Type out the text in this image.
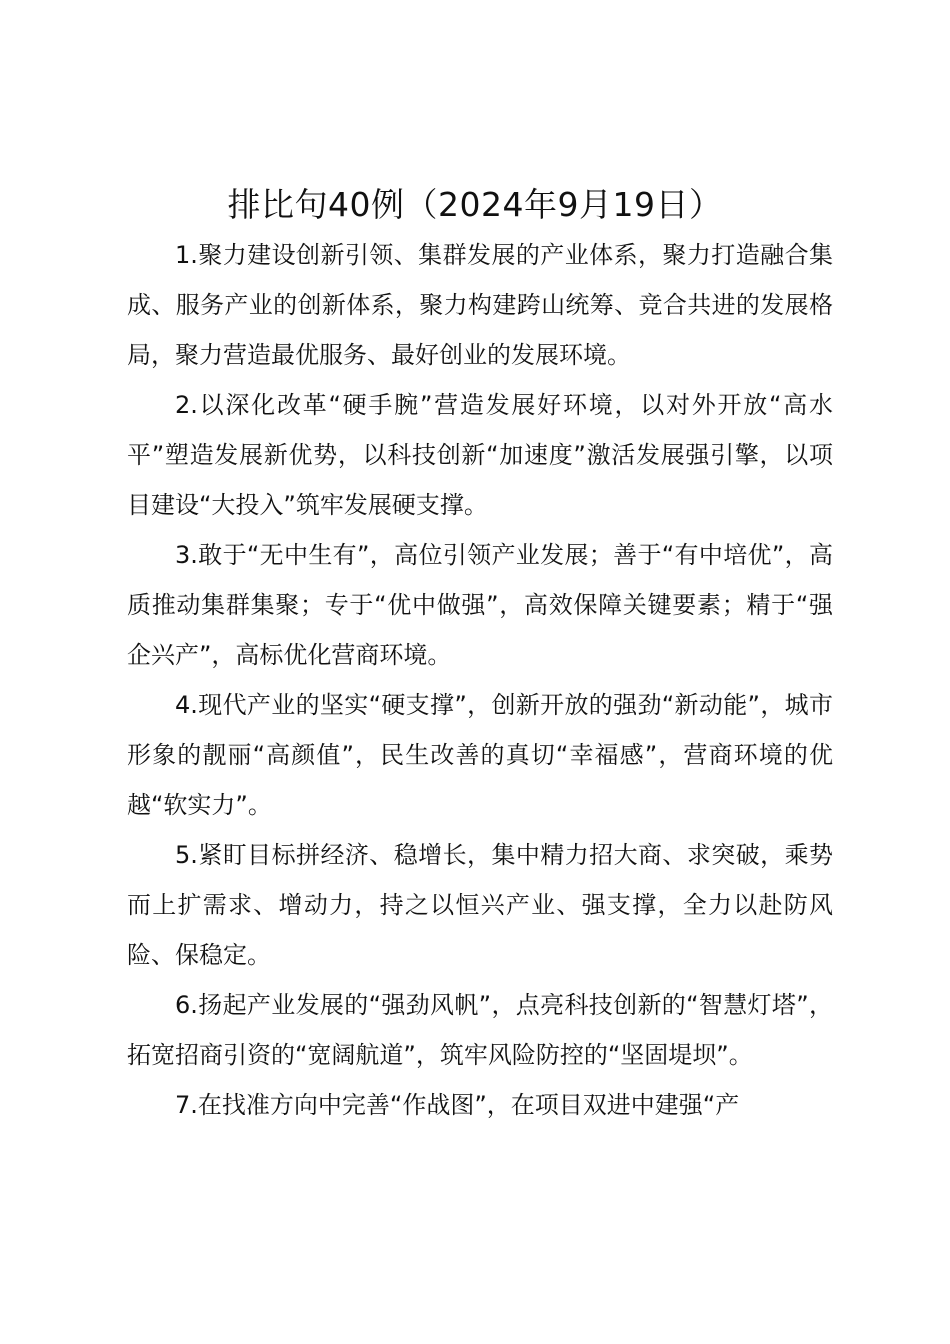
排比句40例（2024年9月19日）

1.聚力建设创新引领、集群发展的产业体系，聚力打造融合集成、服务产业的创新体系，聚力构建跨山统筹、竞合共进的发展格局，聚力营造最优服务、最好创业的发展环境。

2.以深化改革“硬手腕”营造发展好环境，以对外开放“高水平”塑造发展新优势，以科技创新“加速度”激活发展强引擎，以项目建设“大投入”筑牢发展硬支撑。

3.敢于“无中生有”，高位引领产业发展；善于“有中培优”，高质推动集群集聚；专于“优中做强”，高效保障关键要素；精于“强企兴产”，高标优化营商环境。

4.现代产业的坚实“硬支撑”，创新开放的强劲“新动能”，城市形象的靓丽“高颜值”，民生改善的真切“幸福感”，营商环境的优越“软实力”。

5.紧盯目标拼经济、稳增长，集中精力招大商、求突破，乘势而上扩需求、增动力，持之以恒兴产业、强支撑，全力以赴防风险、保稳定。

6.扬起产业发展的“强劲风帆”，点亮科技创新的“智慧灯塔”，拓宽招商引资的“宽阔航道”，筑牢风险防控的“坚固堤坝”。

7.在找准方向中完善“作战图”，在项目双进中建强“产
